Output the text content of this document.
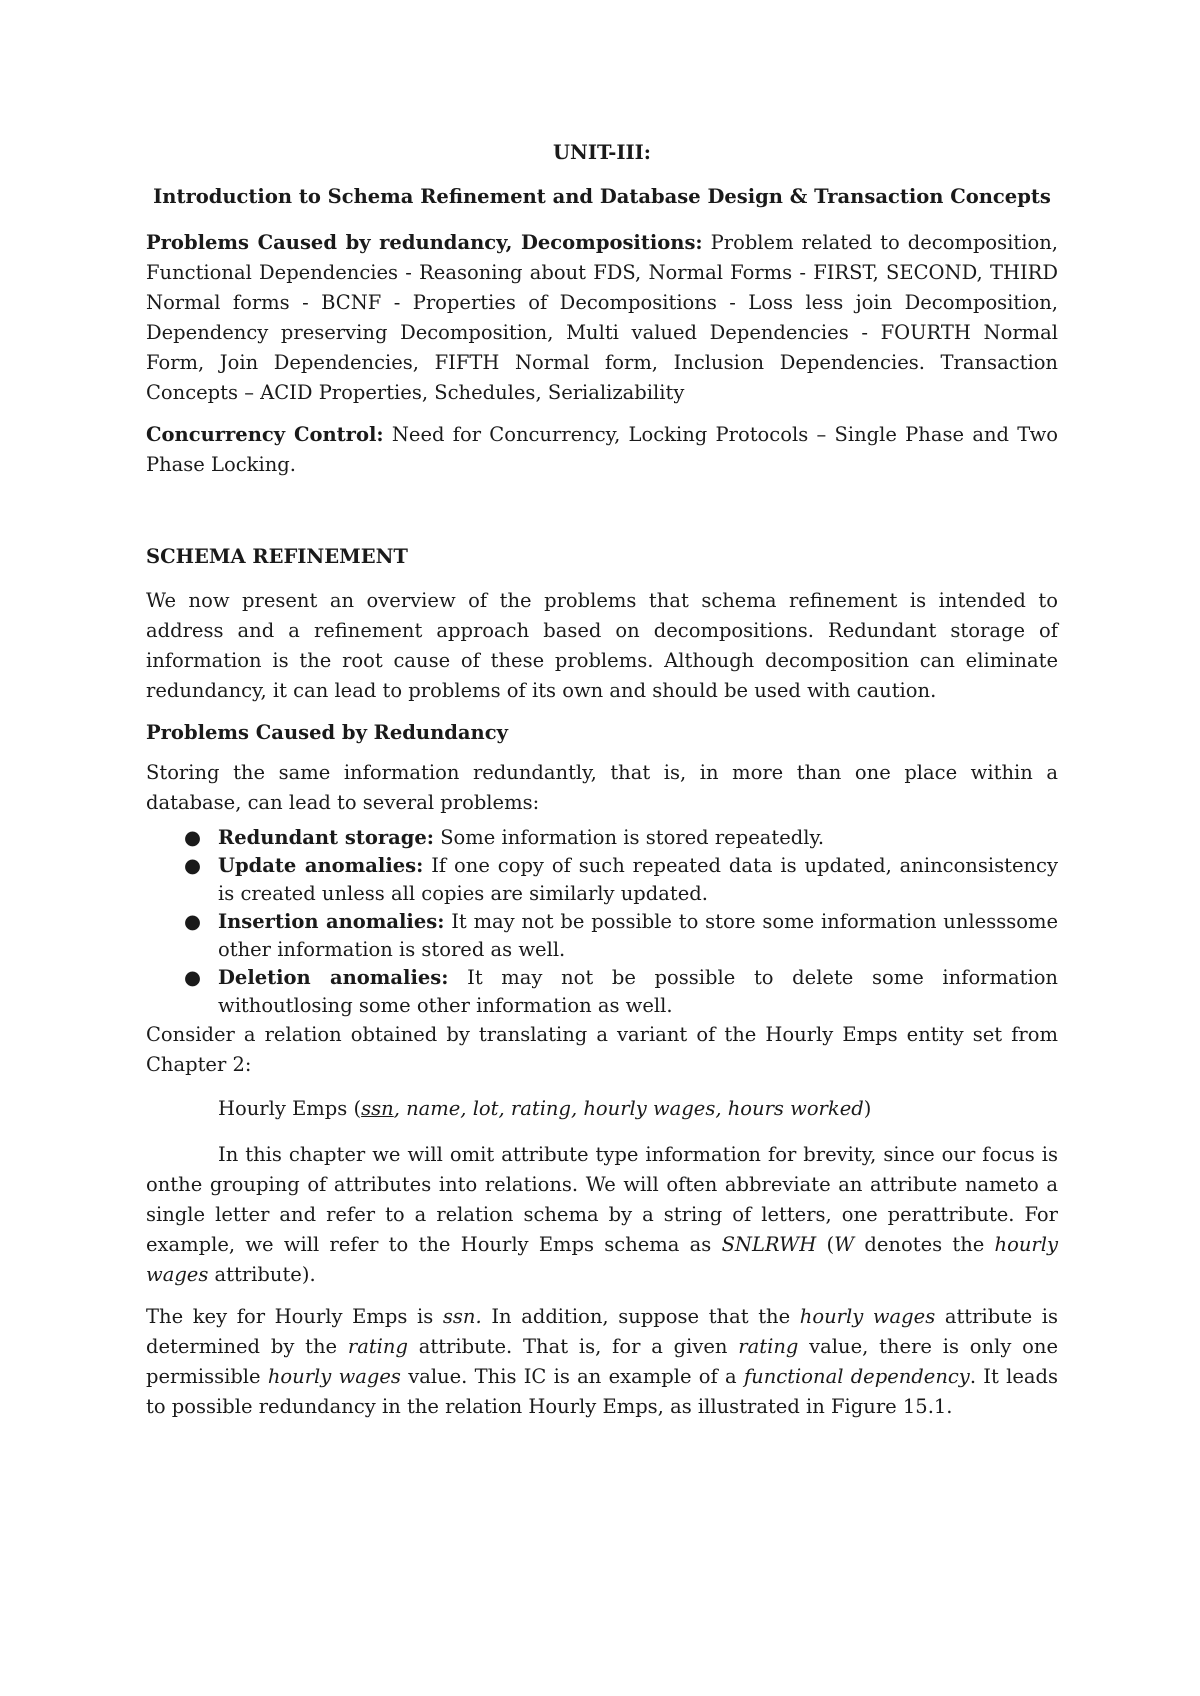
UNIT-III:
Introduction to Schema Refinement and Database Design & Transaction Concepts

Problems Caused by redundancy, Decompositions: Problem related to decomposition, Functional Dependencies - Reasoning about FDS, Normal Forms - FIRST, SECOND, THIRD Normal forms - BCNF - Properties of Decompositions - Loss less join Decomposition, Dependency preserving Decomposition, Multi valued Dependencies - FOURTH Normal Form, Join Dependencies, FIFTH Normal form, Inclusion Dependencies. Transaction Concepts – ACID Properties, Schedules, Serializability

Concurrency Control: Need for Concurrency, Locking Protocols – Single Phase and Two Phase Locking.

SCHEMA REFINEMENT

We now present an overview of the problems that schema refinement is intended to address and a refinement approach based on decompositions. Redundant storage of information is the root cause of these problems. Although decomposition can eliminate redundancy, it can lead to problems of its own and should be used with caution.

Problems Caused by Redundancy

Storing the same information redundantly, that is, in more than one place within a database, can lead to several problems:

● Redundant storage: Some information is stored repeatedly.
● Update anomalies: If one copy of such repeated data is updated, aninconsistency is created unless all copies are similarly updated.
● Insertion anomalies: It may not be possible to store some information unlesssome other information is stored as well.
● Deletion anomalies: It may not be possible to delete some information withoutlosing some other information as well.

Consider a relation obtained by translating a variant of the Hourly Emps entity set from Chapter 2:

Hourly Emps (ssn, name, lot, rating, hourly wages, hours worked)

In this chapter we will omit attribute type information for brevity, since our focus is onthe grouping of attributes into relations. We will often abbreviate an attribute nameto a single letter and refer to a relation schema by a string of letters, one perattribute. For example, we will refer to the Hourly Emps schema as SNLRWH (W denotes the hourly wages attribute).

The key for Hourly Emps is ssn. In addition, suppose that the hourly wages attribute is determined by the rating attribute. That is, for a given rating value, there is only one permissible hourly wages value. This IC is an example of a functional dependency. It leads to possible redundancy in the relation Hourly Emps, as illustrated in Figure 15.1.
